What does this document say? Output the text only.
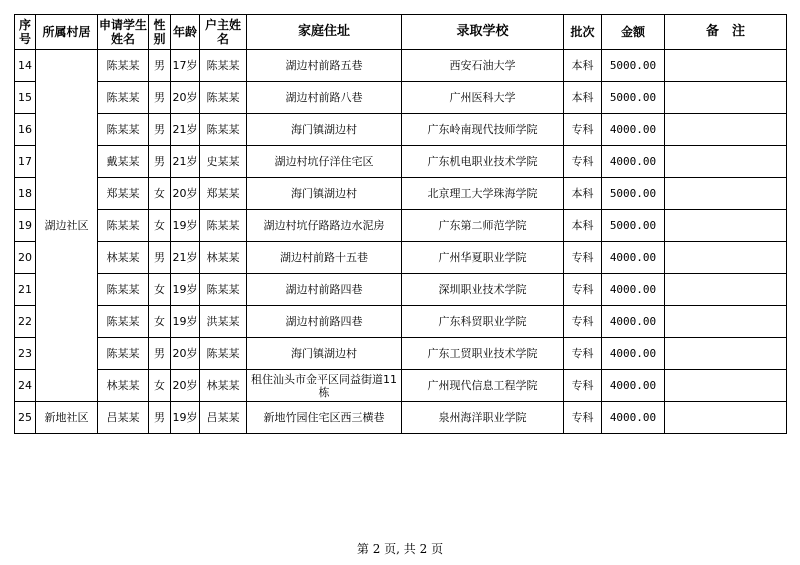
序号	所属村居	申请学生姓名	性别	年龄	户主姓名	家庭住址	录取学校	批次	金额	备　注
14	湖边社区	陈某某	男	17岁	陈某某	湖边村前路五巷	西安石油大学	本科	5000.00	
15		陈某某	男	20岁	陈某某	湖边村前路八巷	广州医科大学	本科	5000.00	
16		陈某某	男	21岁	陈某某	海门镇湖边村	广东岭南现代技师学院	专科	4000.00	
17		戴某某	男	21岁	史某某	湖边村坑仔洋住宅区	广东机电职业技术学院	专科	4000.00	
18		郑某某	女	20岁	郑某某	海门镇湖边村	北京理工大学珠海学院	本科	5000.00	
19		陈某某	女	19岁	陈某某	湖边村坑仔路路边水泥房	广东第二师范学院	本科	5000.00	
20		林某某	男	21岁	林某某	湖边村前路十五巷	广州华夏职业学院	专科	4000.00	
21		陈某某	女	19岁	陈某某	湖边村前路四巷	深圳职业技术学院	专科	4000.00	
22		陈某某	女	19岁	洪某某	湖边村前路四巷	广东科贸职业学院	专科	4000.00	
23		陈某某	男	20岁	陈某某	海门镇湖边村	广东工贸职业技术学院	专科	4000.00	
24		林某某	女	20岁	林某某	租住汕头市金平区同益街道11栋	广州现代信息工程学院	专科	4000.00	
25	新地社区	吕某某	男	19岁	吕某某	新地竹园住宅区西三横巷	泉州海洋职业学院	专科	4000.00	
第 2 页, 共 2 页
